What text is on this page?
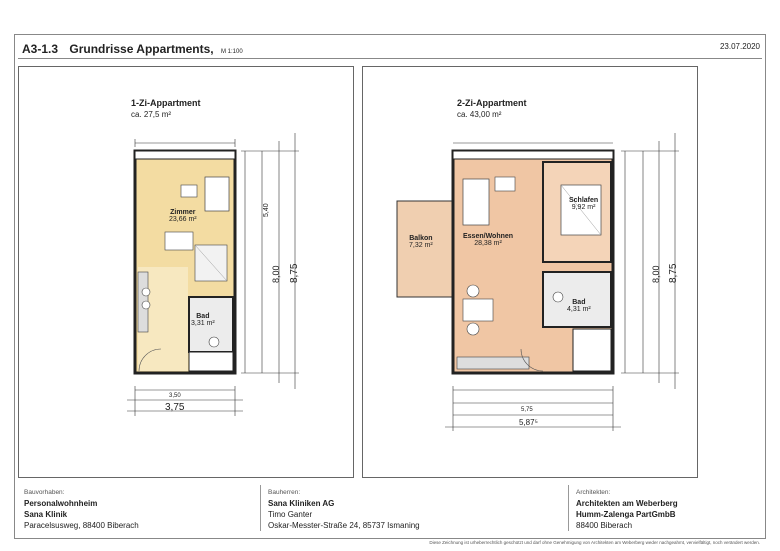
A3-1.3 Grundrisse Appartments, M 1:100
23.07.2020
1-Zi-Appartment
ca. 27,5 m²
Zimmer
23,66 m²
Bad
3,31 m²
3,50
3,75
5,40
8,00 8,75
2-Zi-Appartment
ca. 43,00 m²
Balkon
7,32 m²
Essen/Wohnen
28,38 m²
Schlafen
9,92 m²
Bad
4,31 m²
5,75
5,87⁵
8,00 8,75
Bauvorhaben:
Personalwohnheim
Sana Klinik
Paracelsusweg, 88400 Biberach
Bauherren:
Sana Kliniken AG
Timo Ganter
Oskar-Messter-Straße 24, 85737 Ismaning
Architekten:
Architekten am Weberberg
Humm-Zalenga PartGmbB
88400 Biberach
Diese Zeichnung ist urheberrechtlich geschützt und darf ohne Genehmigung von Architekten am Weberberg weder nachgeahmt, vervielfältigt, noch verändert werden.
